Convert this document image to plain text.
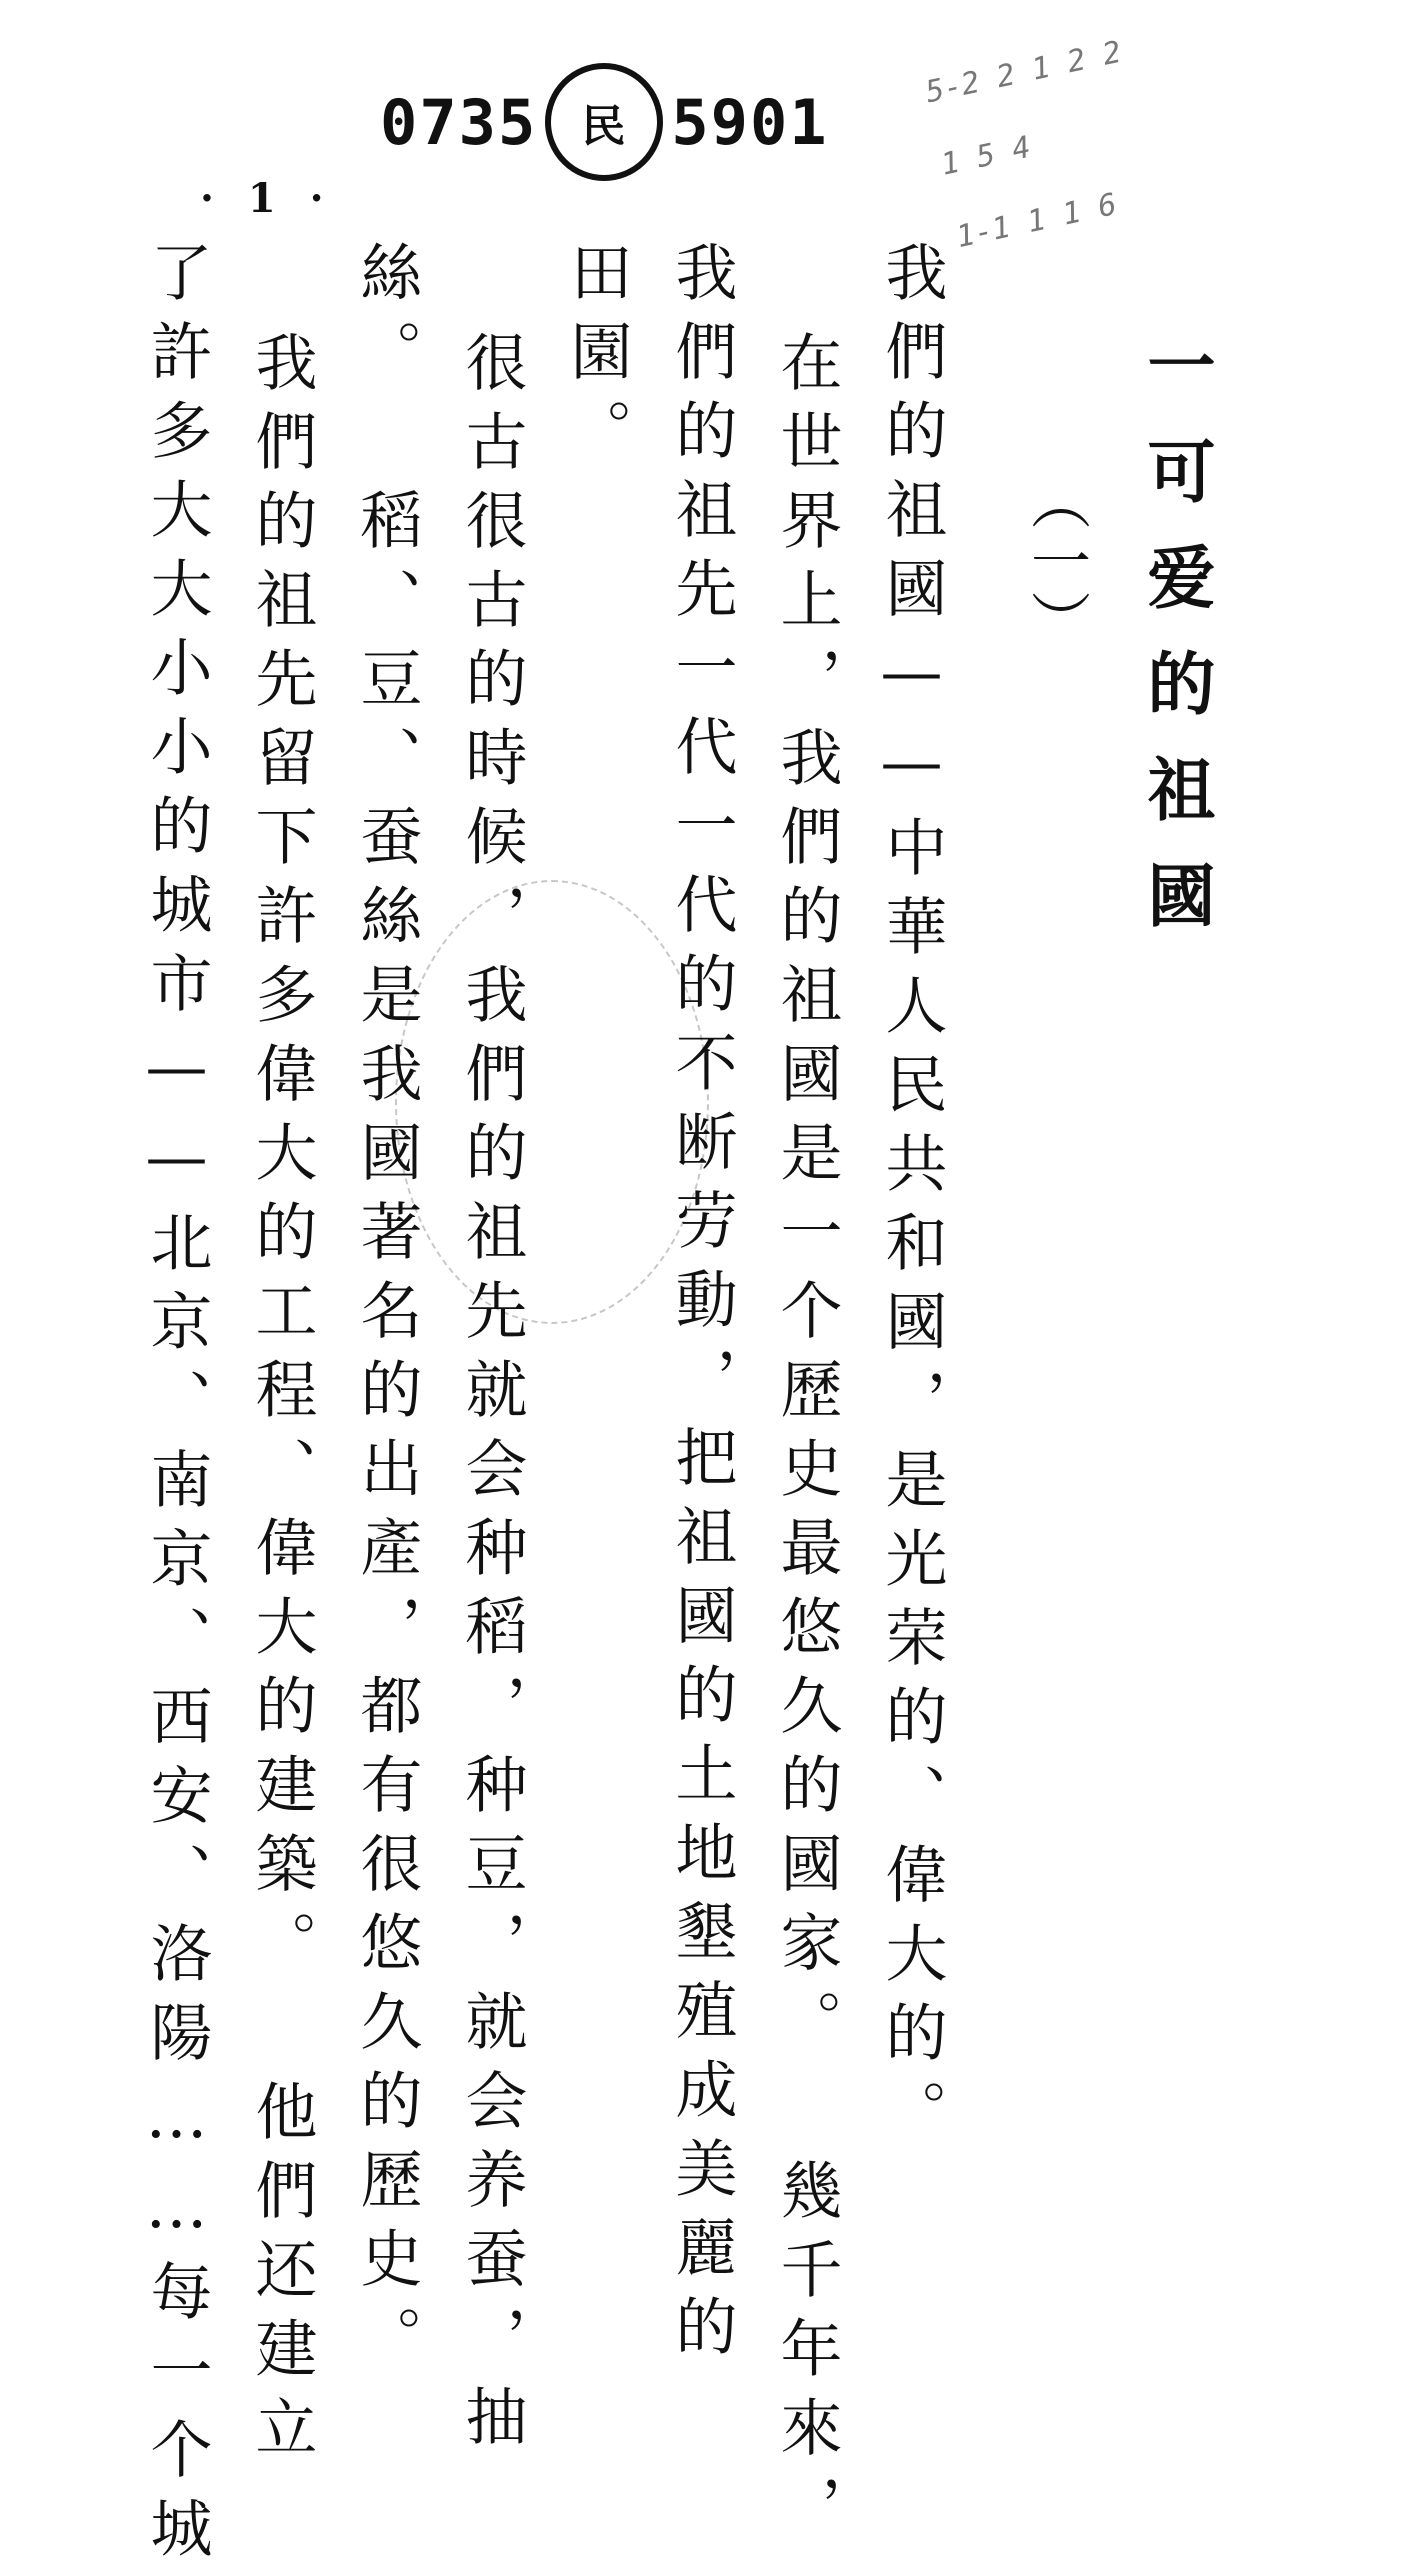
0735 民 5901
5-2 2 1 2 2
1 5 4
1-1 1 1 6
· 1 ·
一可爱的祖國
（一）
我們的祖國——中華人民共和國，是光荣的、偉大的。
在世界上，我們的祖國是一个歷史最悠久的國家。 幾千年來，
我們的祖先一代一代的不断劳動，把祖國的土地墾殖成美麗的
田園。
很古很古的時候，我們的祖先就会种稻，种豆，就会养蚕，抽
絲。 稻、豆、蚕絲是我國著名的出產，都有很悠久的歷史。
我們的祖先留下許多偉大的工程、偉大的建築。 他們还建立
了許多大大小小的城市——北京、南京、西安、洛陽……每一个城
